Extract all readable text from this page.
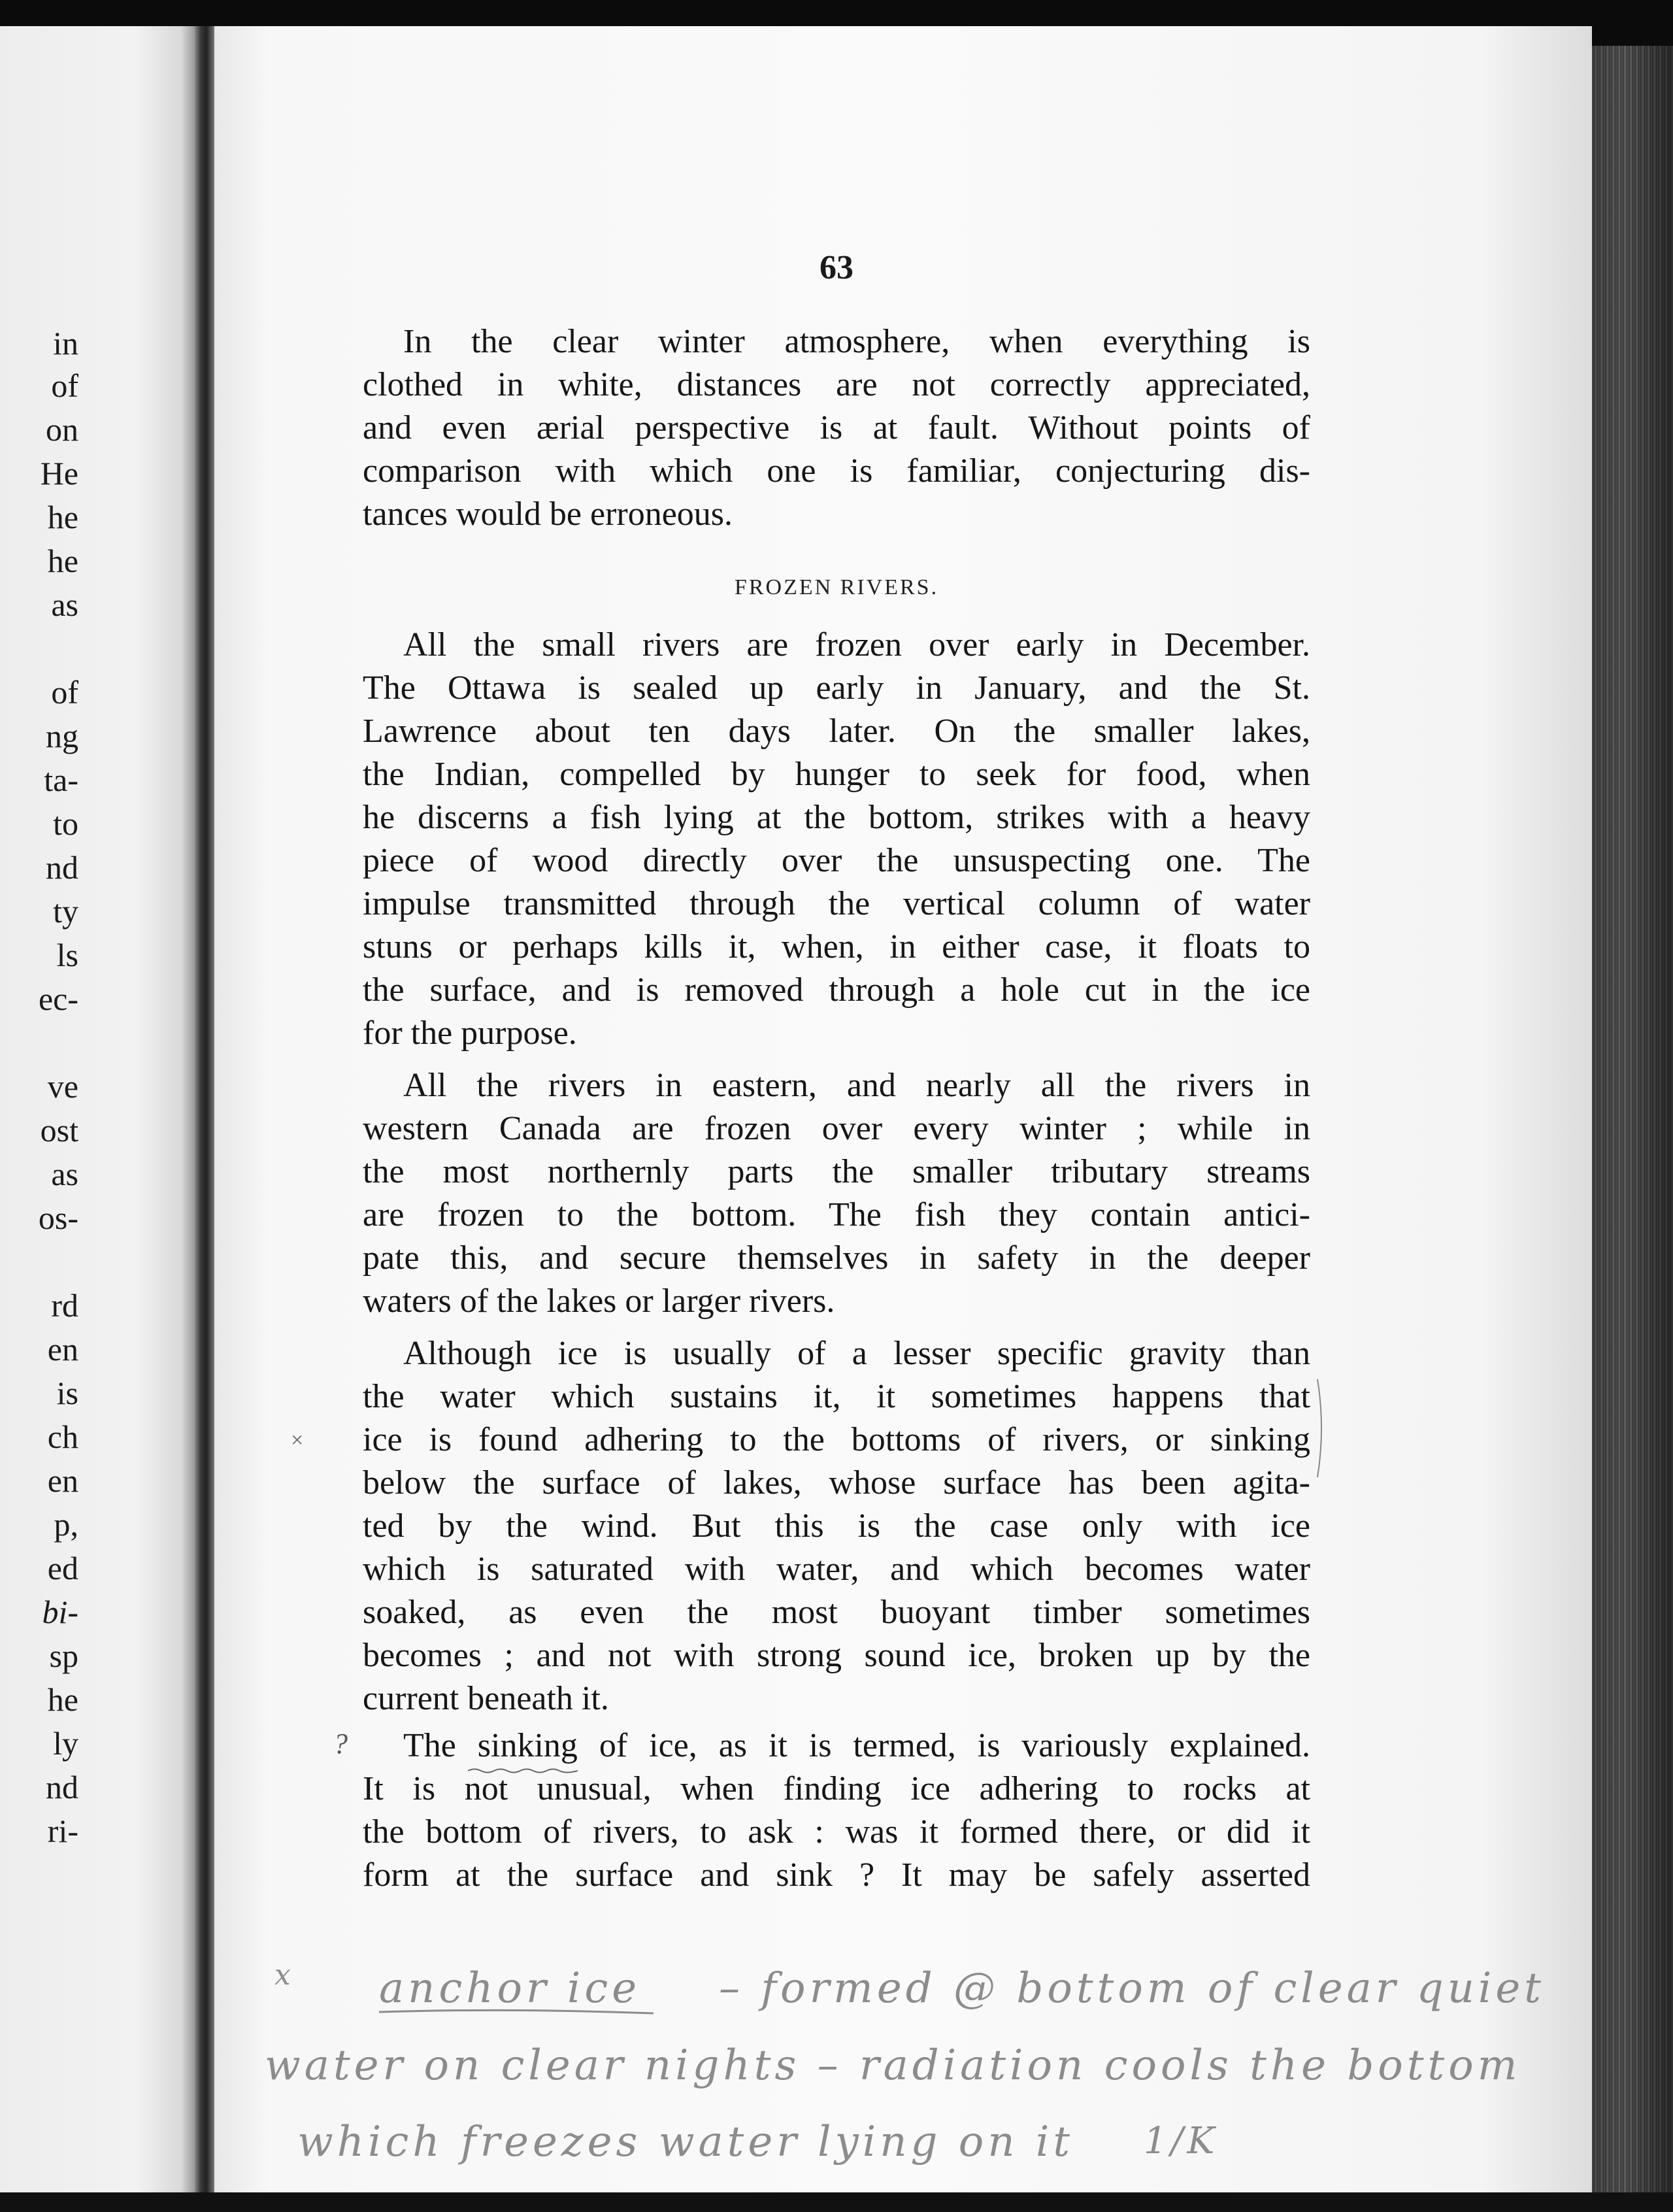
in
of
on
He
he
he
as
of
ng
ta-
to
nd
ty
ls
ec-
ve
ost
as
os-
rd
en
is
ch
en
p,
ed
bi-
sp
he
ly
nd
ri-
63
In the clear winter atmosphere, when everything is
clothed in white, distances are not correctly appreciated,
and even ærial perspective is at fault. Without points of
comparison with which one is familiar, conjecturing dis-
tances would be erroneous.
FROZEN RIVERS.
All the small rivers are frozen over early in December.
The Ottawa is sealed up early in January, and the St.
Lawrence about ten days later. On the smaller lakes,
the Indian, compelled by hunger to seek for food, when
he discerns a fish lying at the bottom, strikes with a heavy
piece of wood directly over the unsuspecting one. The
impulse transmitted through the vertical column of water
stuns or perhaps kills it, when, in either case, it floats to
the surface, and is removed through a hole cut in the ice
for the purpose.
All the rivers in eastern, and nearly all the rivers in
western Canada are frozen over every winter ; while in
the most northernly parts the smaller tributary streams
are frozen to the bottom. The fish they contain antici-
pate this, and secure themselves in safety in the deeper
waters of the lakes or larger rivers.
Although ice is usually of a lesser specific gravity than
the water which sustains it, it sometimes happens that
ice is found adhering to the bottoms of rivers, or sinking
below the surface of lakes, whose surface has been agita-
ted by the wind. But this is the case only with ice
which is saturated with water, and which becomes water
soaked, as even the most buoyant timber sometimes
becomes ; and not with strong sound ice, broken up by the
current beneath it.
The sinking of ice, as it is termed, is variously explained.
It is not unusual, when finding ice adhering to rocks at
the bottom of rivers, to ask : was it formed there, or did it
form at the surface and sink ? It may be safely asserted
?
×
x anchor ice – formed @ bottom of clear quiet
water on clear nights – radiation cools the bottom
which freezes water lying on it 1/K
